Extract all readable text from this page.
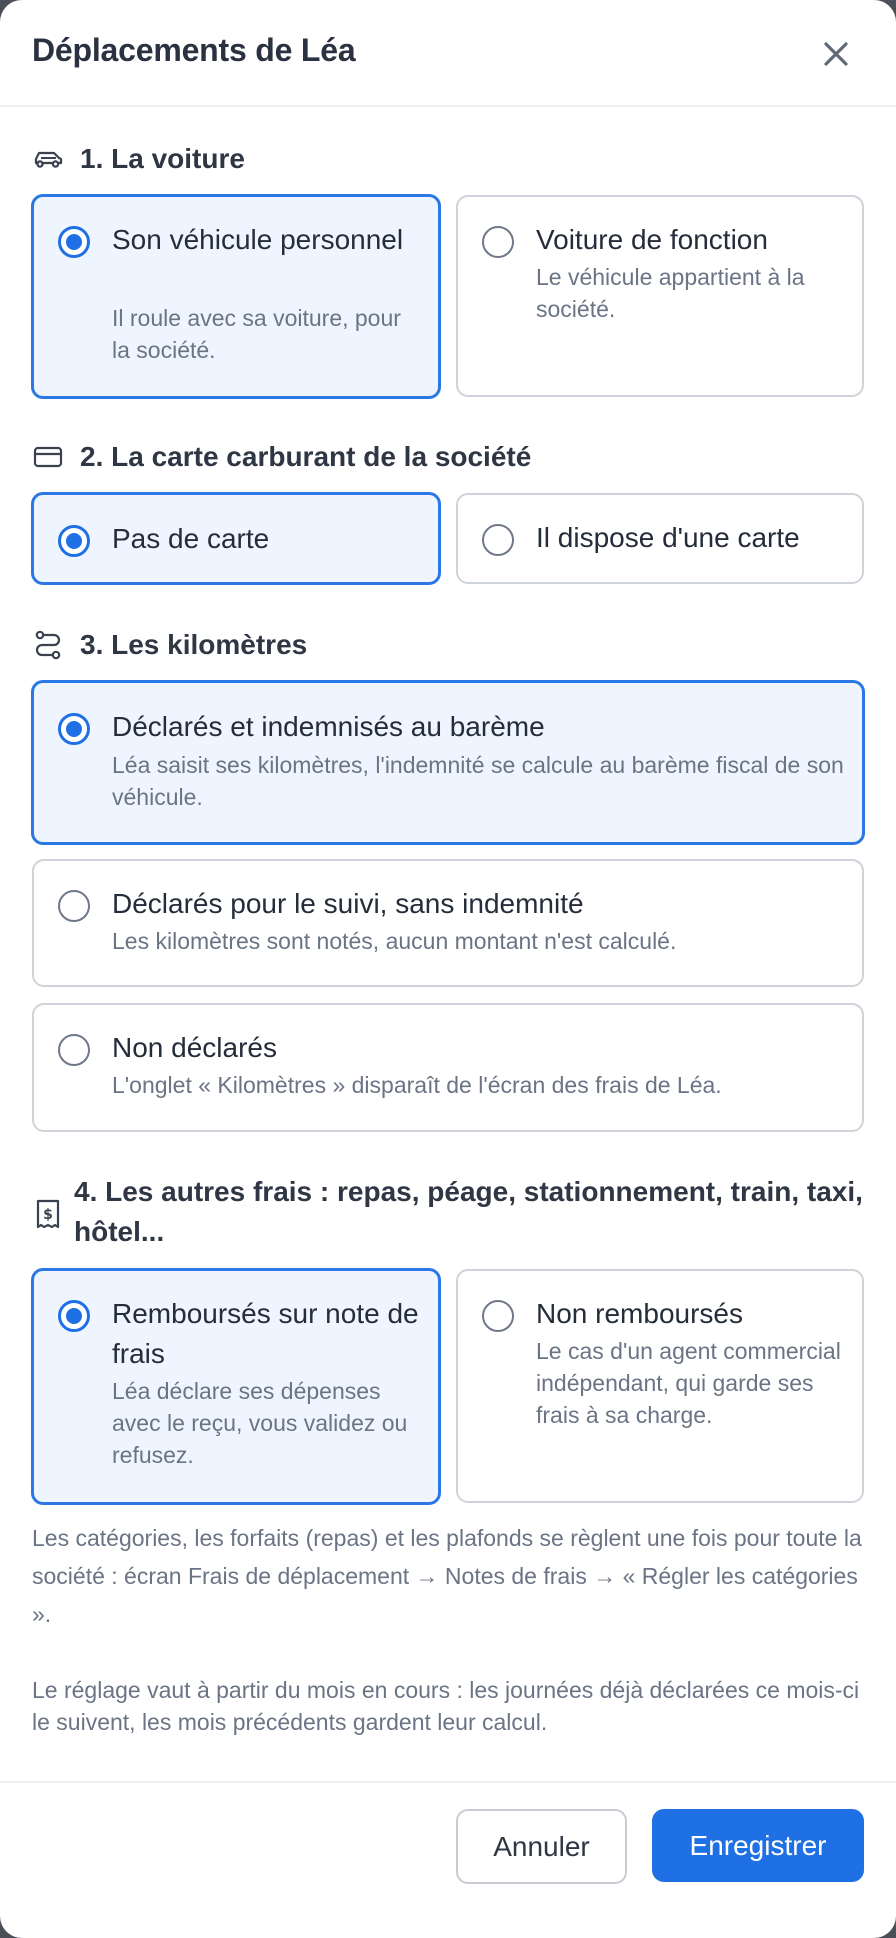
Déplacements de Léa
1. La voiture
Son véhicule personnel
Il roule avec sa voiture, pour la société.
Voiture de fonction
Le véhicule appartient à la société.
2. La carte carburant de la société
Pas de carte	Il dispose d'une carte
3. Les kilomètres
Déclarés et indemnisés au barème
Léa saisit ses kilomètres, l'indemnité se calcule au barème fiscal de son véhicule.
Déclarés pour le suivi, sans indemnité
Les kilomètres sont notés, aucun montant n'est calculé.
Non déclarés
L'onglet « Kilomètres » disparaît de l'écran des frais de Léa.
$
4. Les autres frais : repas, péage, stationnement, train, taxi, hôtel...
Remboursés sur note de frais
Léa déclare ses dépenses avec le reçu, vous validez ou refusez.
Non remboursés
Le cas d'un agent commercial indépendant, qui garde ses frais à sa charge.
Les catégories, les forfaits (repas) et les plafonds se règlent une fois pour toute la société : écran Frais de déplacement → Notes de frais → « Régler les catégories ».
Le réglage vaut à partir du mois en cours : les journées déjà déclarées ce mois-ci le suivent, les mois précédents gardent leur calcul.
Annuler	Enregistrer
